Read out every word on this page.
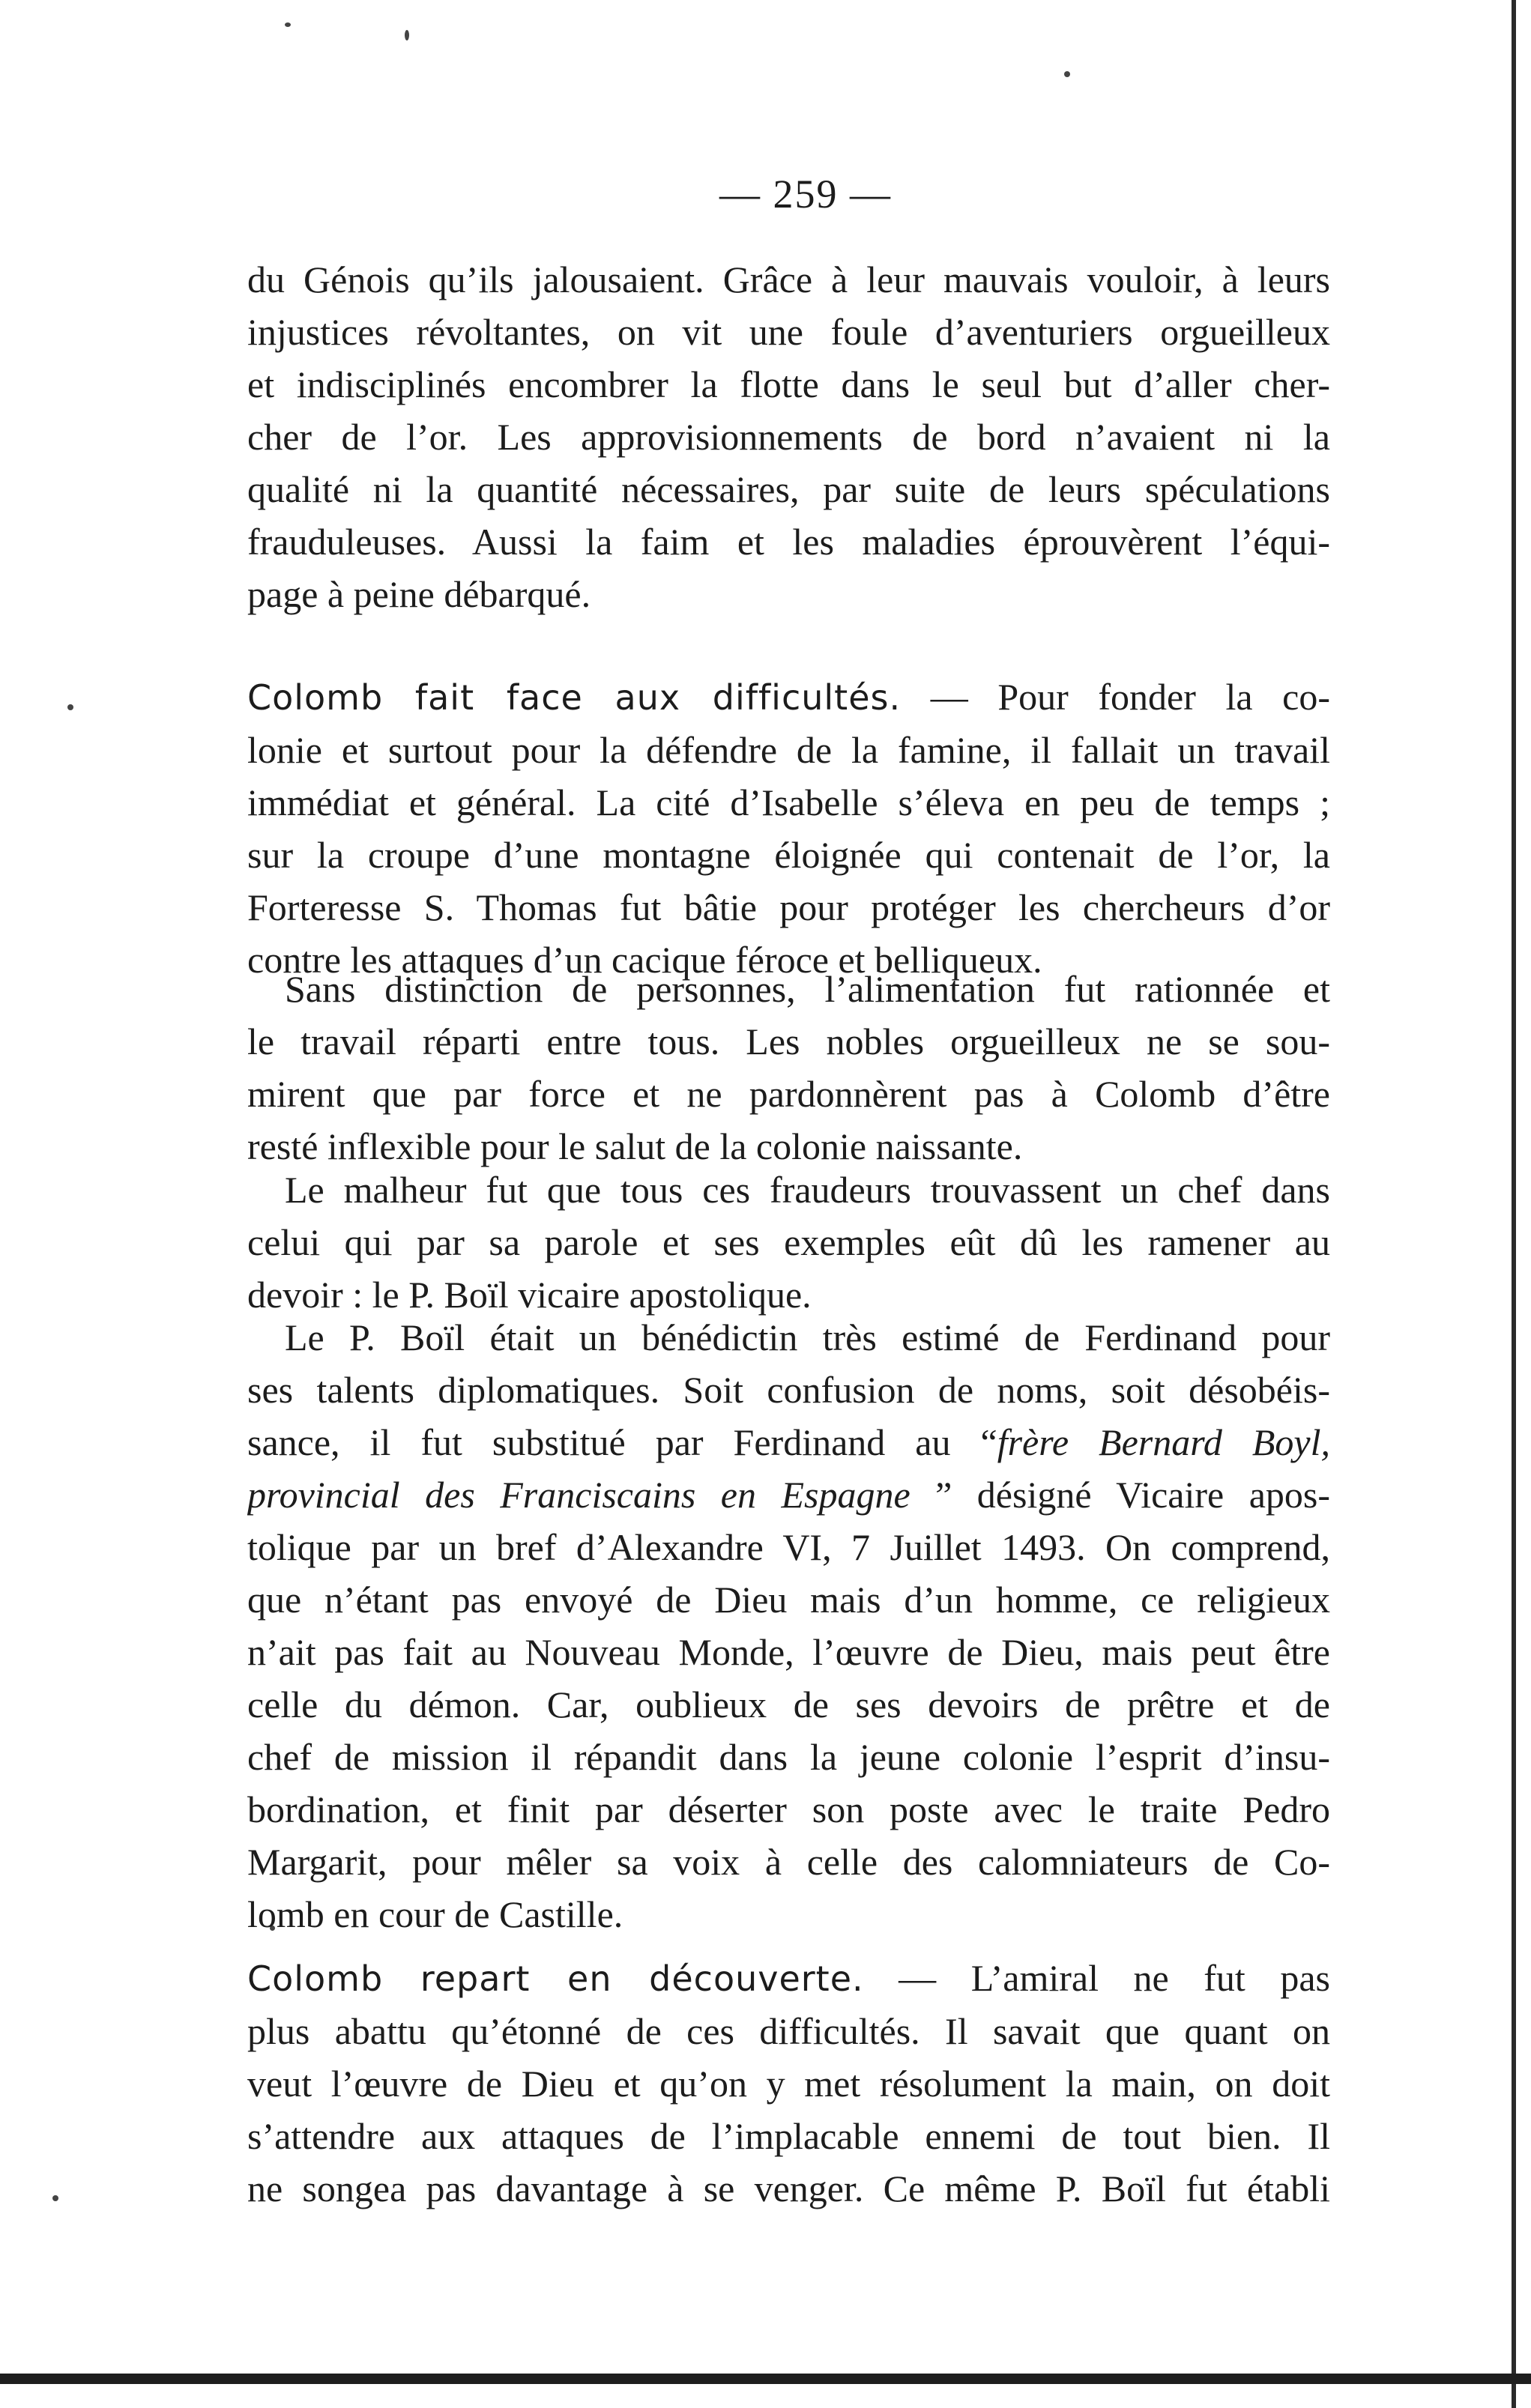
— 259 —
du Génois qu’ils jalousaient. Grâce à leur mauvais vouloir, à leurs
injustices révoltantes, on vit une foule d’aventuriers orgueilleux
et indisciplinés encombrer la flotte dans le seul but d’aller cher-
cher de l’or. Les approvisionnements de bord n’avaient ni la
qualité ni la quantité nécessaires, par suite de leurs spéculations
frauduleuses. Aussi la faim et les maladies éprouvèrent l’équi-
page à peine débarqué.
Colomb fait face aux difficultés. — Pour fonder la co-
lonie et surtout pour la défendre de la famine, il fallait un travail
immédiat et général. La cité d’Isabelle s’éleva en peu de temps ;
sur la croupe d’une montagne éloignée qui contenait de l’or, la
Forteresse S. Thomas fut bâtie pour protéger les chercheurs d’or
contre les attaques d’un cacique féroce et belliqueux.
Sans distinction de personnes, l’alimentation fut rationnée et
le travail réparti entre tous. Les nobles orgueilleux ne se sou-
mirent que par force et ne pardonnèrent pas à Colomb d’être
resté inflexible pour le salut de la colonie naissante.
Le malheur fut que tous ces fraudeurs trouvassent un chef dans
celui qui par sa parole et ses exemples eût dû les ramener au
devoir : le P. Boïl vicaire apostolique.
Le P. Boïl était un bénédictin très estimé de Ferdinand pour
ses talents diplomatiques. Soit confusion de noms, soit désobéis-
sance, il fut substitué par Ferdinand au “frère Bernard Boyl,
provincial des Franciscains en Espagne ” désigné Vicaire apos-
tolique par un bref d’Alexandre VI, 7 Juillet 1493. On comprend,
que n’étant pas envoyé de Dieu mais d’un homme, ce religieux
n’ait pas fait au Nouveau Monde, l’œuvre de Dieu, mais peut être
celle du démon. Car, oublieux de ses devoirs de prêtre et de
chef de mission il répandit dans la jeune colonie l’esprit d’insu-
bordination, et finit par déserter son poste avec le traite Pedro
Margarit, pour mêler sa voix à celle des calomniateurs de Co-
lomb en cour de Castille.
Colomb repart en découverte. — L’amiral ne fut pas
plus abattu qu’étonné de ces difficultés. Il savait que quant on
veut l’œuvre de Dieu et qu’on y met résolument la main, on doit
s’attendre aux attaques de l’implacable ennemi de tout bien. Il
ne songea pas davantage à se venger. Ce même P. Boïl fut établi
